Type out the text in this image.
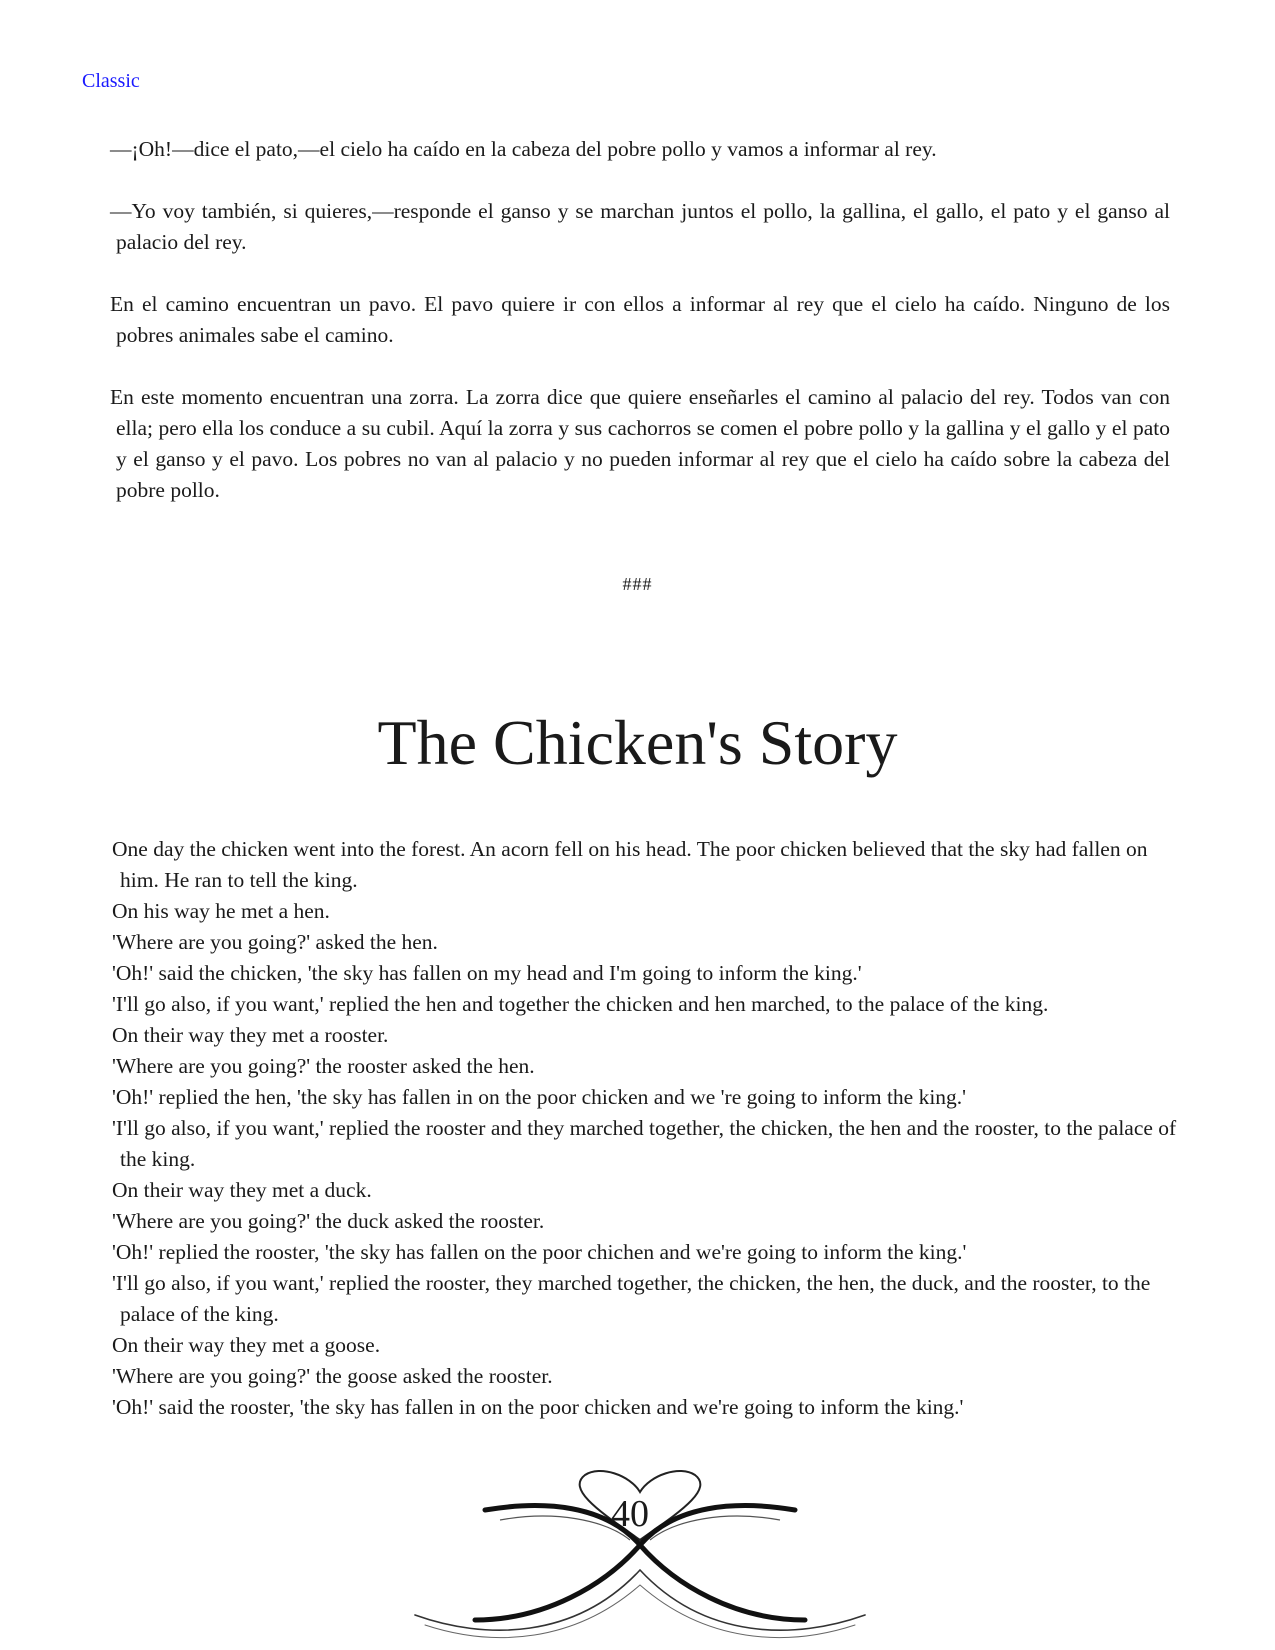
Classic

—¡Oh!—dice el pato,—el cielo ha caído en la cabeza del pobre pollo y vamos a informar al rey.

—Yo voy también, si quieres,—responde el ganso y se marchan juntos el pollo, la gallina, el gallo, el pato y el ganso al palacio del rey.

En el camino encuentran un pavo. El pavo quiere ir con ellos a informar al rey que el cielo ha caído. Ninguno de los pobres animales sabe el camino.

En este momento encuentran una zorra. La zorra dice que quiere enseñarles el camino al palacio del rey. Todos van con ella; pero ella los conduce a su cubil. Aquí la zorra y sus cachorros se comen el pobre pollo y la gallina y el gallo y el pato y el ganso y el pavo. Los pobres no van al palacio y no pueden informar al rey que el cielo ha caído sobre la cabeza del pobre pollo.

###
The Chicken's Story

One day the chicken went into the forest. An acorn fell on his head. The poor chicken believed that the sky had fallen on him. He ran to tell the king.

On his way he met a hen.

'Where are you going?' asked the hen.

'Oh!' said the chicken, 'the sky has fallen on my head and I'm going to inform the king.'

'I'll go also, if you want,' replied the hen and together the chicken and hen marched, to the palace of the king.

On their way they met a rooster.

'Where are you going?' the rooster asked the hen.

'Oh!' replied the hen, 'the sky has fallen in on the poor chicken and we 're going to inform the king.'

'I'll go also, if you want,' replied the rooster and they marched together, the chicken, the hen and the rooster, to the palace of the king.

On their way they met a duck.

'Where are you going?' the duck asked the rooster.

'Oh!' replied the rooster, 'the sky has fallen on the poor chichen and we're going to inform the king.'

'I'll go also, if you want,' replied the rooster, they marched together, the chicken, the hen, the duck, and the rooster, to the palace of the king.

On their way they met a goose.

'Where are you going?' the goose asked the rooster.

'Oh!' said the rooster, 'the sky has fallen in on the poor chicken and we're going to inform the king.'

40
